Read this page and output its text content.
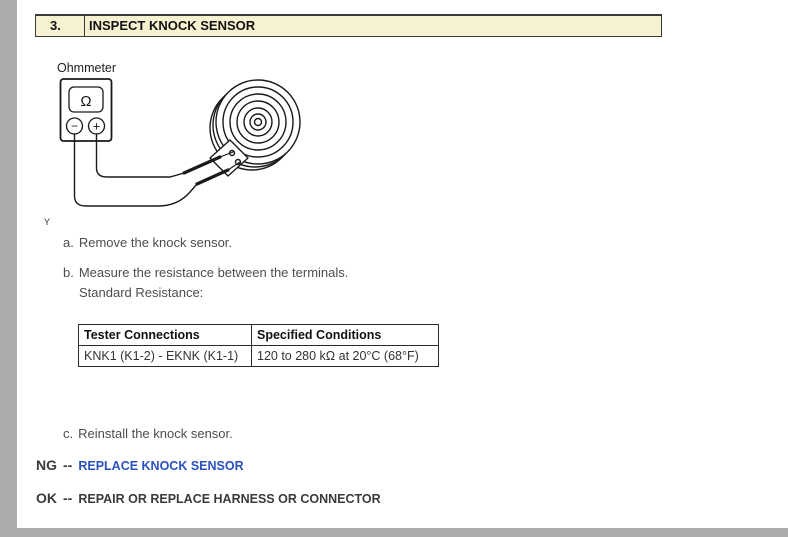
3.	INSPECT KNOCK SENSOR
Ohmmeter
Ω
− +
Y
a. Remove the knock sensor.
b. Measure the resistance between the terminals.
Standard Resistance:
Tester Connections	Specified Conditions
KNK1 (K1-2) - EKNK (K1-1)	120 to 280 kΩ at 20°C (68°F)
c. Reinstall the knock sensor.
NG -- REPLACE KNOCK SENSOR
OK -- REPAIR OR REPLACE HARNESS OR CONNECTOR
